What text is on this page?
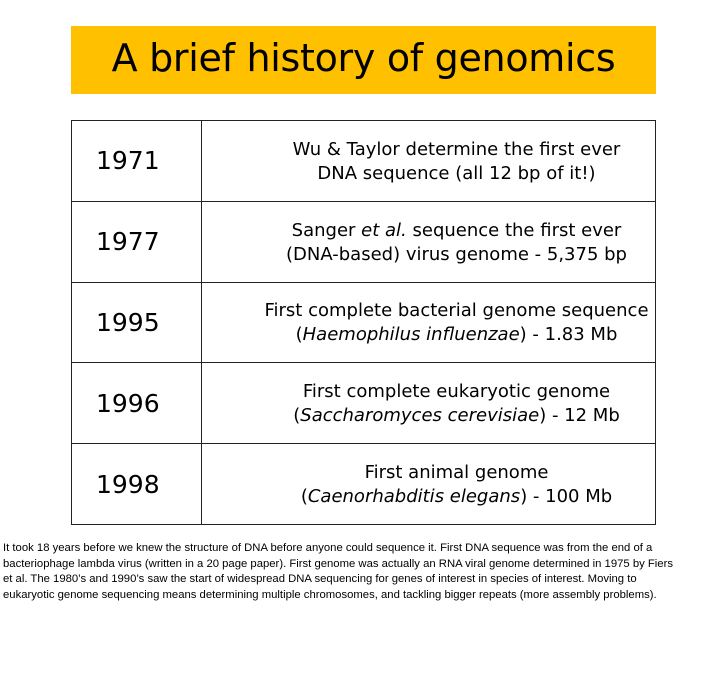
A brief history of genomics
1971	Wu & Taylor determine the first ever
DNA sequence (all 12 bp of it!)

1977	Sanger et al. sequence the first ever
(DNA-based) virus genome - 5,375 bp

1995	First complete bacterial genome sequence
(Haemophilus influenzae) - 1.83 Mb

1996	First complete eukaryotic genome
(Saccharomyces cerevisiae) - 12 Mb

1998	First animal genome
(Caenorhabditis elegans) - 100 Mb
It took 18 years before we knew the structure of DNA before anyone could sequence it. First DNA sequence was from the end of a
bacteriophage lambda virus (written in a 20 page paper). First genome was actually an RNA viral genome determined in 1975 by Fiers
et al. The 1980’s and 1990’s saw the start of widespread DNA sequencing for genes of interest in species of interest. Moving to
eukaryotic genome sequencing means determining multiple chromosomes, and tackling bigger repeats (more assembly problems).
